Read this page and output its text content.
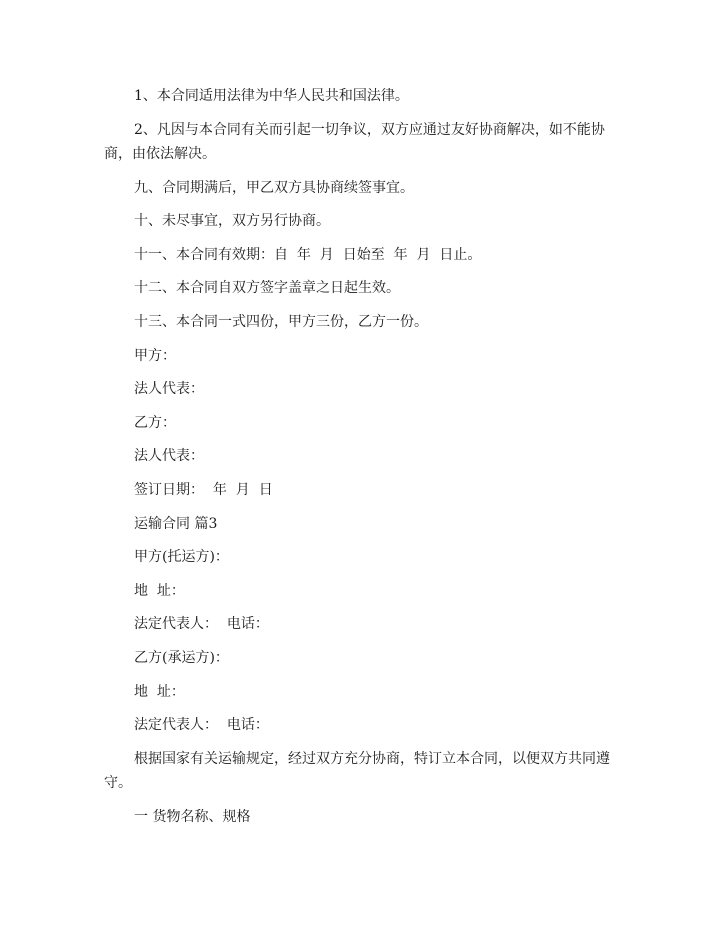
1、本合同适用法律为中华人民共和国法律。

2、凡因与本合同有关而引起一切争议，双方应通过友好协商解决，如不能协商，由依法解决。

九、合同期满后，甲乙双方具协商续签事宜。

十、未尽事宜，双方另行协商。

十一、本合同有效期：自  年  月  日始至  年  月  日止。

十二、本合同自双方签字盖章之日起生效。

十三、本合同一式四份，甲方三份，乙方一份。

甲方：

法人代表：

乙方：

法人代表：

签订日期：  年  月  日

运输合同 篇3

甲方(托运方)：

地  址：

法定代表人：  电话：

乙方(承运方)：

地  址：

法定代表人：  电话：

根据国家有关运输规定，经过双方充分协商，特订立本合同，以便双方共同遵守。

一 货物名称、规格
